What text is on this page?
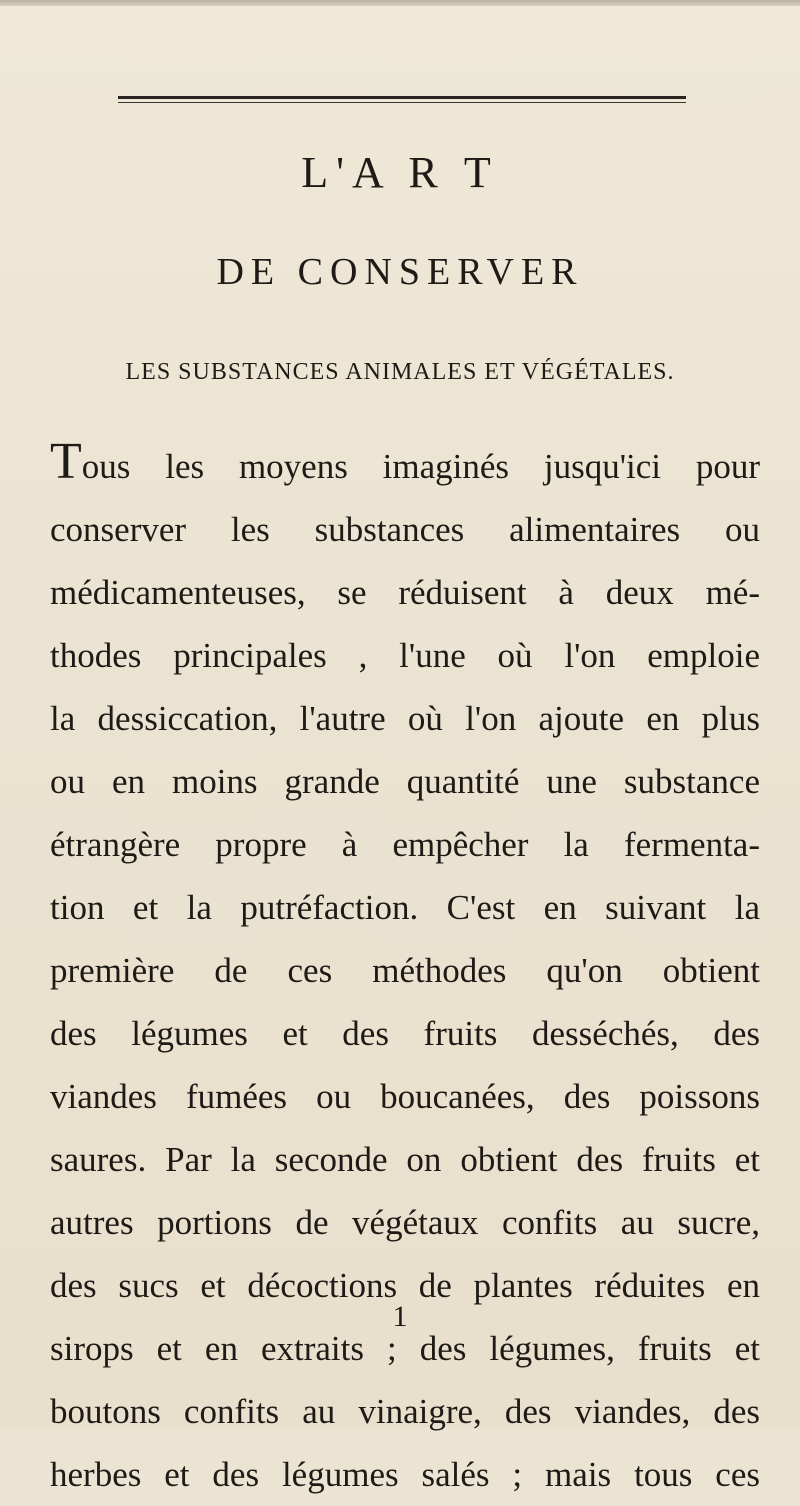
L'A R T
DE CONSERVER
LES SUBSTANCES ANIMALES ET VÉGÉTALES.
Tous les moyens imaginés jusqu'ici pour
conserver les substances alimentaires ou
médicamenteuses, se réduisent à deux mé-
thodes principales , l'une où l'on emploie
la dessiccation, l'autre où l'on ajoute en plus
ou en moins grande quantité une substance
étrangère propre à empêcher la fermenta-
tion et la putréfaction. C'est en suivant la
première de ces méthodes qu'on obtient
des légumes et des fruits desséchés, des
viandes fumées ou boucanées, des poissons
saures. Par la seconde on obtient des fruits et
autres portions de végétaux confits au sucre,
des sucs et décoctions de plantes réduites en
sirops et en extraits ; des légumes, fruits et
boutons confits au vinaigre, des viandes, des
herbes et des légumes salés ; mais tous ces
1
